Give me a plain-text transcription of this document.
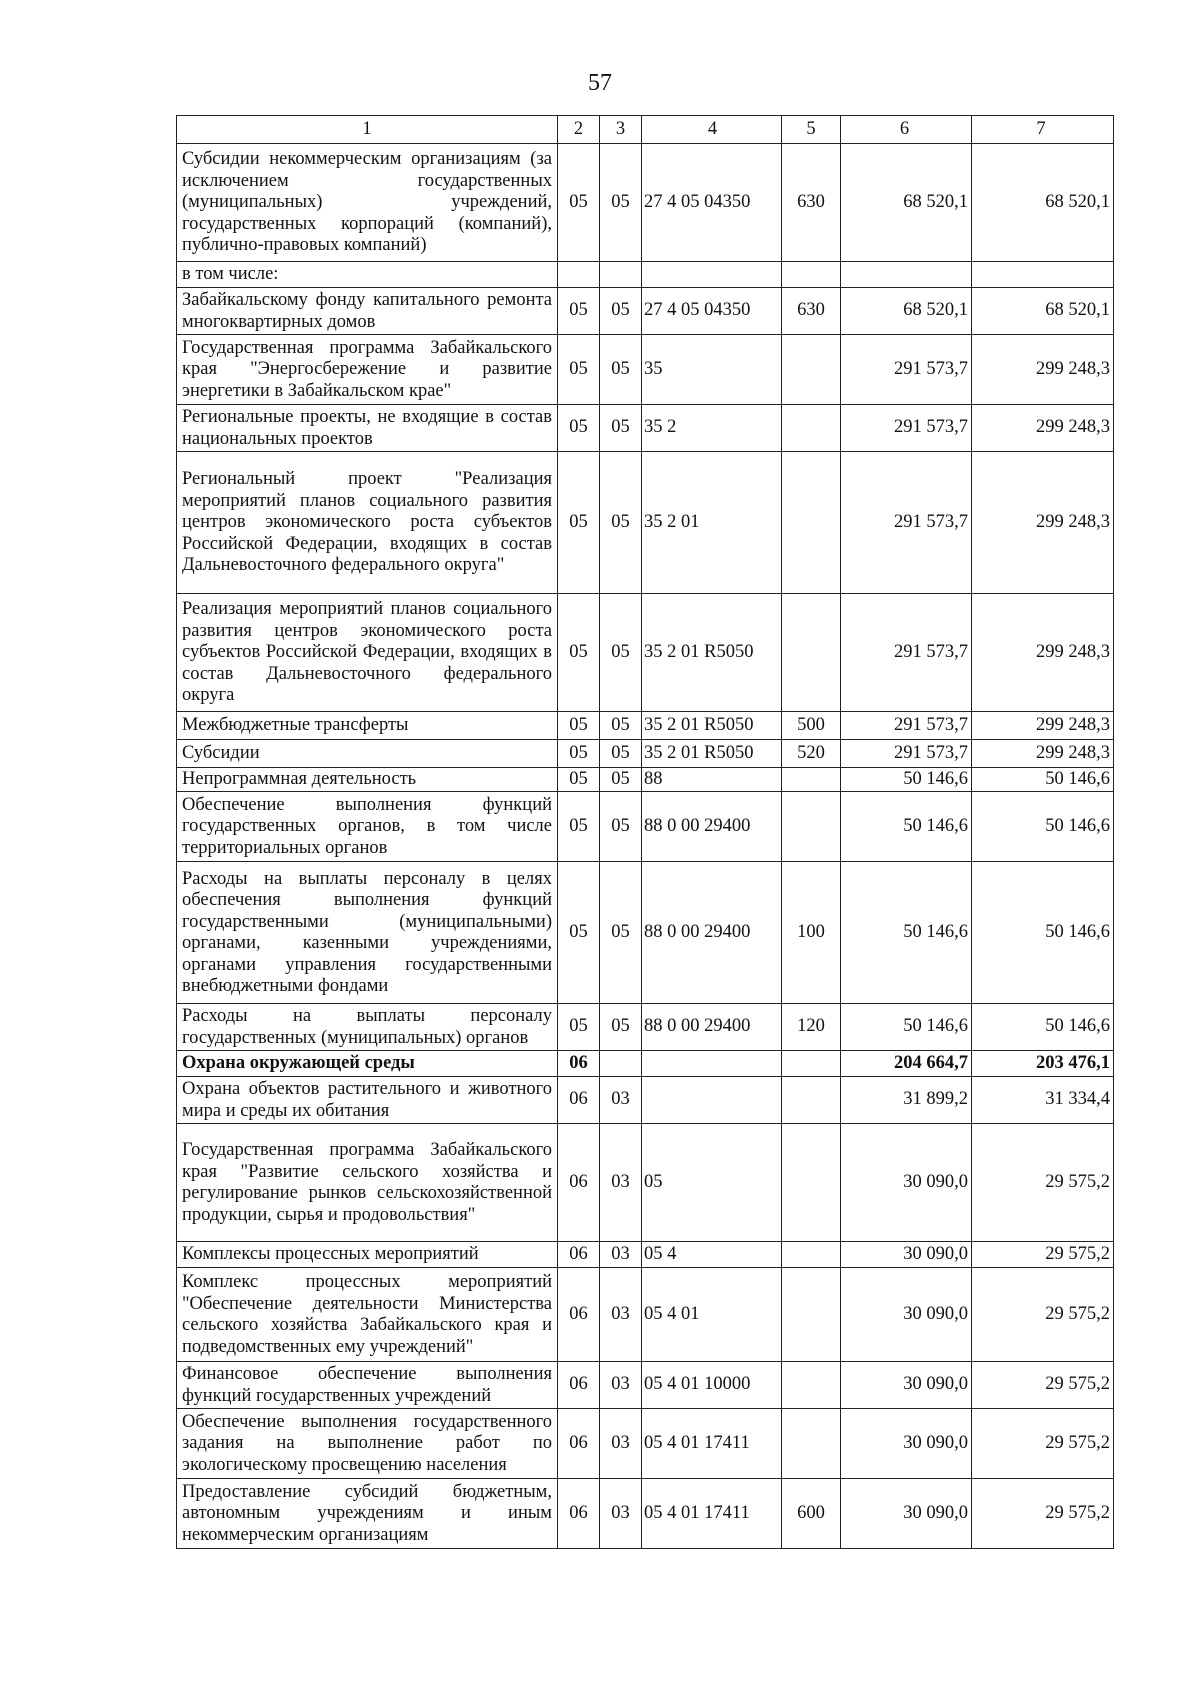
57
1	2	3	4	5	6	7
Субсидии некоммерческим организациям (за исключением государственных (муниципальных) учреждений, государственных корпораций (компаний), публично-правовых компаний)	05	05	27 4 05 04350	630	68 520,1	68 520,1
в том числе:						
Забайкальскому фонду капитального ремонта многоквартирных домов	05	05	27 4 05 04350	630	68 520,1	68 520,1
Государственная программа Забайкальского края "Энергосбережение и развитие энергетики в Забайкальском крае"	05	05	35		291 573,7	299 248,3
Региональные проекты, не входящие в состав национальных проектов	05	05	35 2		291 573,7	299 248,3
Региональный проект "Реализация мероприятий планов социального развития центров экономического роста субъектов Российской Федерации, входящих в состав Дальневосточного федерального округа"	05	05	35 2 01		291 573,7	299 248,3
Реализация мероприятий планов социального развития центров экономического роста субъектов Российской Федерации, входящих в состав Дальневосточного федерального округа	05	05	35 2 01 R5050		291 573,7	299 248,3
Межбюджетные трансферты	05	05	35 2 01 R5050	500	291 573,7	299 248,3
Субсидии	05	05	35 2 01 R5050	520	291 573,7	299 248,3
Непрограммная деятельность	05	05	88		50 146,6	50 146,6
Обеспечение выполнения функций государственных органов, в том числе территориальных органов	05	05	88 0 00 29400		50 146,6	50 146,6
Расходы на выплаты персоналу в целях обеспечения выполнения функций государственными (муниципальными) органами, казенными учреждениями, органами управления государственными внебюджетными фондами	05	05	88 0 00 29400	100	50 146,6	50 146,6
Расходы на выплаты персоналу государственных (муниципальных) органов	05	05	88 0 00 29400	120	50 146,6	50 146,6
Охрана окружающей среды	06				204 664,7	203 476,1
Охрана объектов растительного и животного мира и среды их обитания	06	03			31 899,2	31 334,4
Государственная программа Забайкальского края "Развитие сельского хозяйства и регулирование рынков сельскохозяйственной продукции, сырья и продовольствия"	06	03	05		30 090,0	29 575,2
Комплексы процессных мероприятий	06	03	05 4		30 090,0	29 575,2
Комплекс процессных мероприятий "Обеспечение деятельности Министерства сельского хозяйства Забайкальского края и подведомственных ему учреждений"	06	03	05 4 01		30 090,0	29 575,2
Финансовое обеспечение выполнения функций государственных учреждений	06	03	05 4 01 10000		30 090,0	29 575,2
Обеспечение выполнения государственного задания на выполнение работ по экологическому просвещению населения	06	03	05 4 01 17411		30 090,0	29 575,2
Предоставление субсидий бюджетным, автономным учреждениям и иным некоммерческим организациям	06	03	05 4 01 17411	600	30 090,0	29 575,2
